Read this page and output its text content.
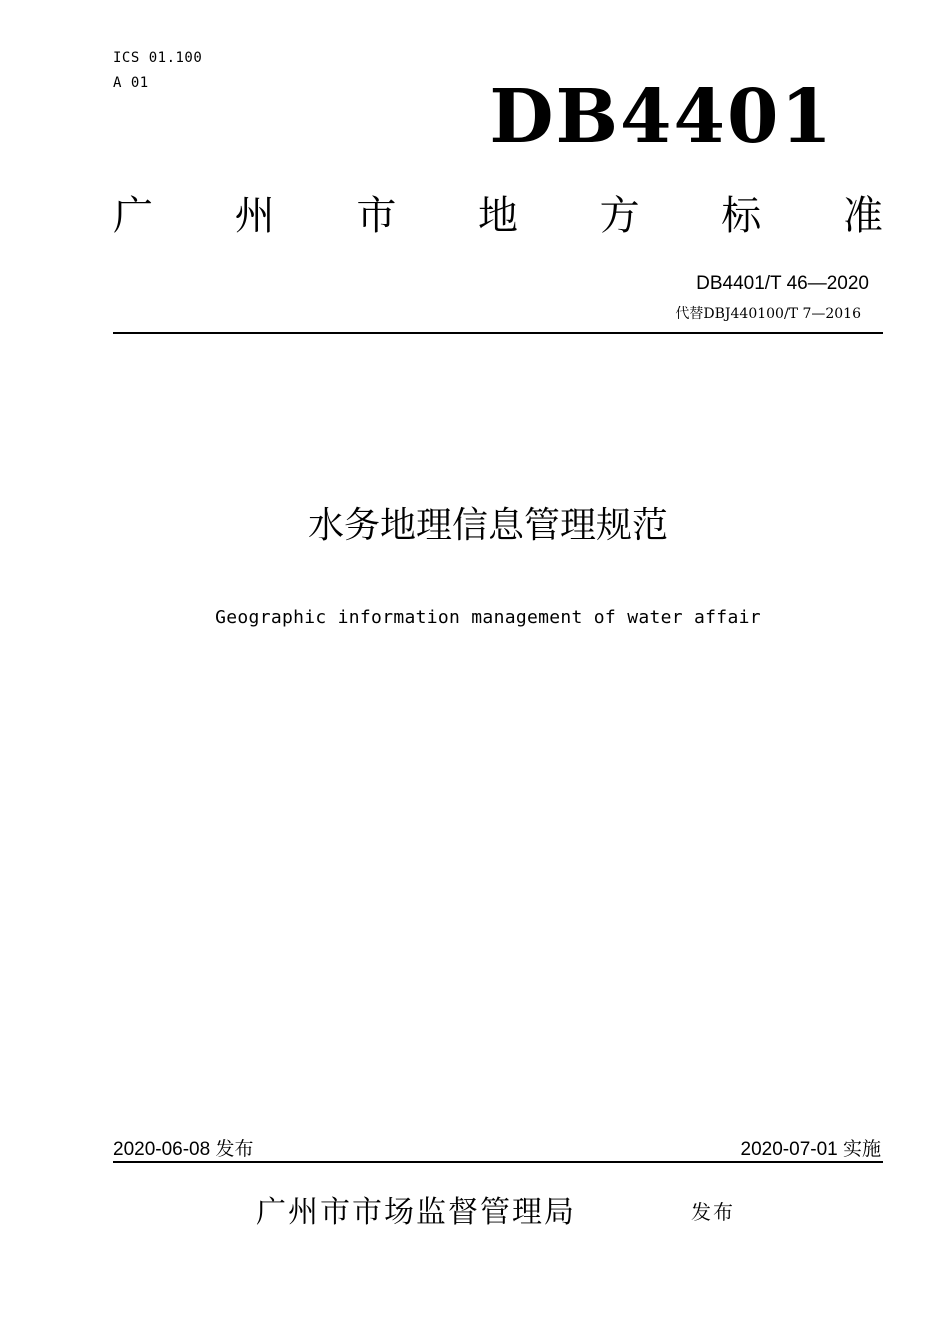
ICS 01.100
A 01	DB4401
广 州 市 地 方 标 准
DB4401/T 46—2020
代替DBJ440100/T 7—2016
水务地理信息管理规范
Geographic information management of water affair
2020-06-08 发布	2020-07-01 实施
广州市市场监督管理局	发布
